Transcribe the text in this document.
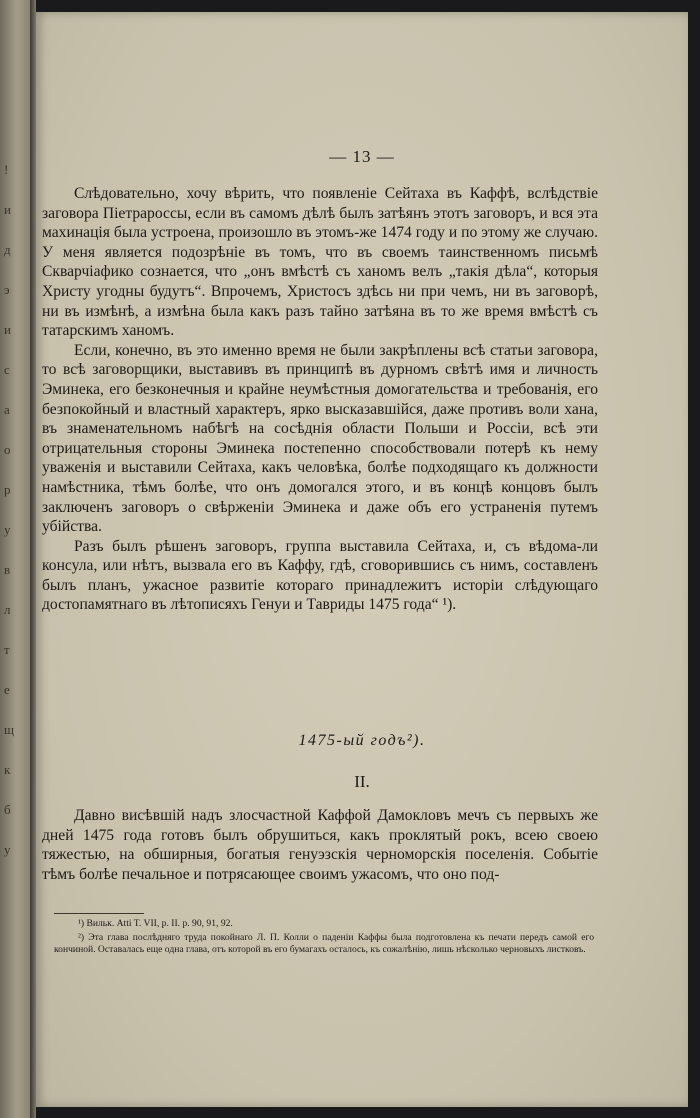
!
и
д
э
и
с
а
о
р
у
в
л
т
е
щ
к
б
у
— 13 —

Слѣдовательно, хочу вѣрить, что появленіе Сейтаха въ Каффѣ, вслѣдствіе заговора Піетрароссы, если въ самомъ дѣлѣ былъ затѣянъ этотъ заговоръ, и вся эта махинація была устроена, произошло въ этомъ-же 1474 году и по этому же случаю. У меня является подозрѣніе въ томъ, что въ своемъ таинственномъ письмѣ Скварчіафико сознается, что „онъ вмѣстѣ съ ханомъ велъ „такія дѣла“, которыя Христу угодны будутъ“. Впрочемъ, Христосъ здѣсь ни при чемъ, ни въ заговорѣ, ни въ измѣнѣ, а измѣна была какъ разъ тайно затѣяна въ то же время вмѣстѣ съ татарскимъ ханомъ.

Если, конечно, въ это именно время не были закрѣплены всѣ статьи заговора, то всѣ заговорщики, выставивъ въ принципѣ въ дурномъ свѣтѣ имя и личность Эминека, его безконечныя и крайне неумѣстныя домогательства и требованія, его безпокойный и властный характеръ, ярко высказавшійся, даже противъ воли хана, въ знаменательномъ набѣгѣ на сосѣднія области Польши и Россіи, всѣ эти отрицательныя стороны Эминека постепенно способствовали потерѣ къ нему уваженія и выставили Сейтаха, какъ человѣка, болѣе подходящаго къ должности намѣстника, тѣмъ болѣе, что онъ домогался этого, и въ концѣ концовъ былъ заключенъ заговоръ о свѣрженіи Эминека и даже объ его устраненія путемъ убійства.

Разъ былъ рѣшенъ заговоръ, группа выставила Сейтаха, и, съ вѣдома-ли консула, или нѣтъ, вызвала его въ Каффу, гдѣ, сговорившись съ нимъ, составленъ былъ планъ, ужасное развитіе котораго принадлежитъ исторіи слѣдующаго достопамятнаго въ лѣтописяхъ Генуи и Тавриды 1475 года“ ¹).

1475-ый годъ²).
II.

Давно висѣвшій надъ злосчастной Каффой Дамокловъ мечъ съ первыхъ же дней 1475 года готовъ былъ обрушиться, какъ проклятый рокъ, всею своею тяжестью, на обширныя, богатыя генуэзскія черноморскія поселенія. Событіе тѣмъ болѣе печальное и потрясающее своимъ ужасомъ, что оно под-

¹) Вильк. Atti T. VII, p. II. p. 90, 91, 92.

²) Эта глава послѣдняго труда покойнаго Л. П. Колли о падeніи Каффы была подготовлена къ печати передъ самой его кончиной. Оставалась еще одна глава, отъ которой въ его бумагахъ осталось, къ сожалѣнію, лишь нѣсколько черновыхъ листковъ.
